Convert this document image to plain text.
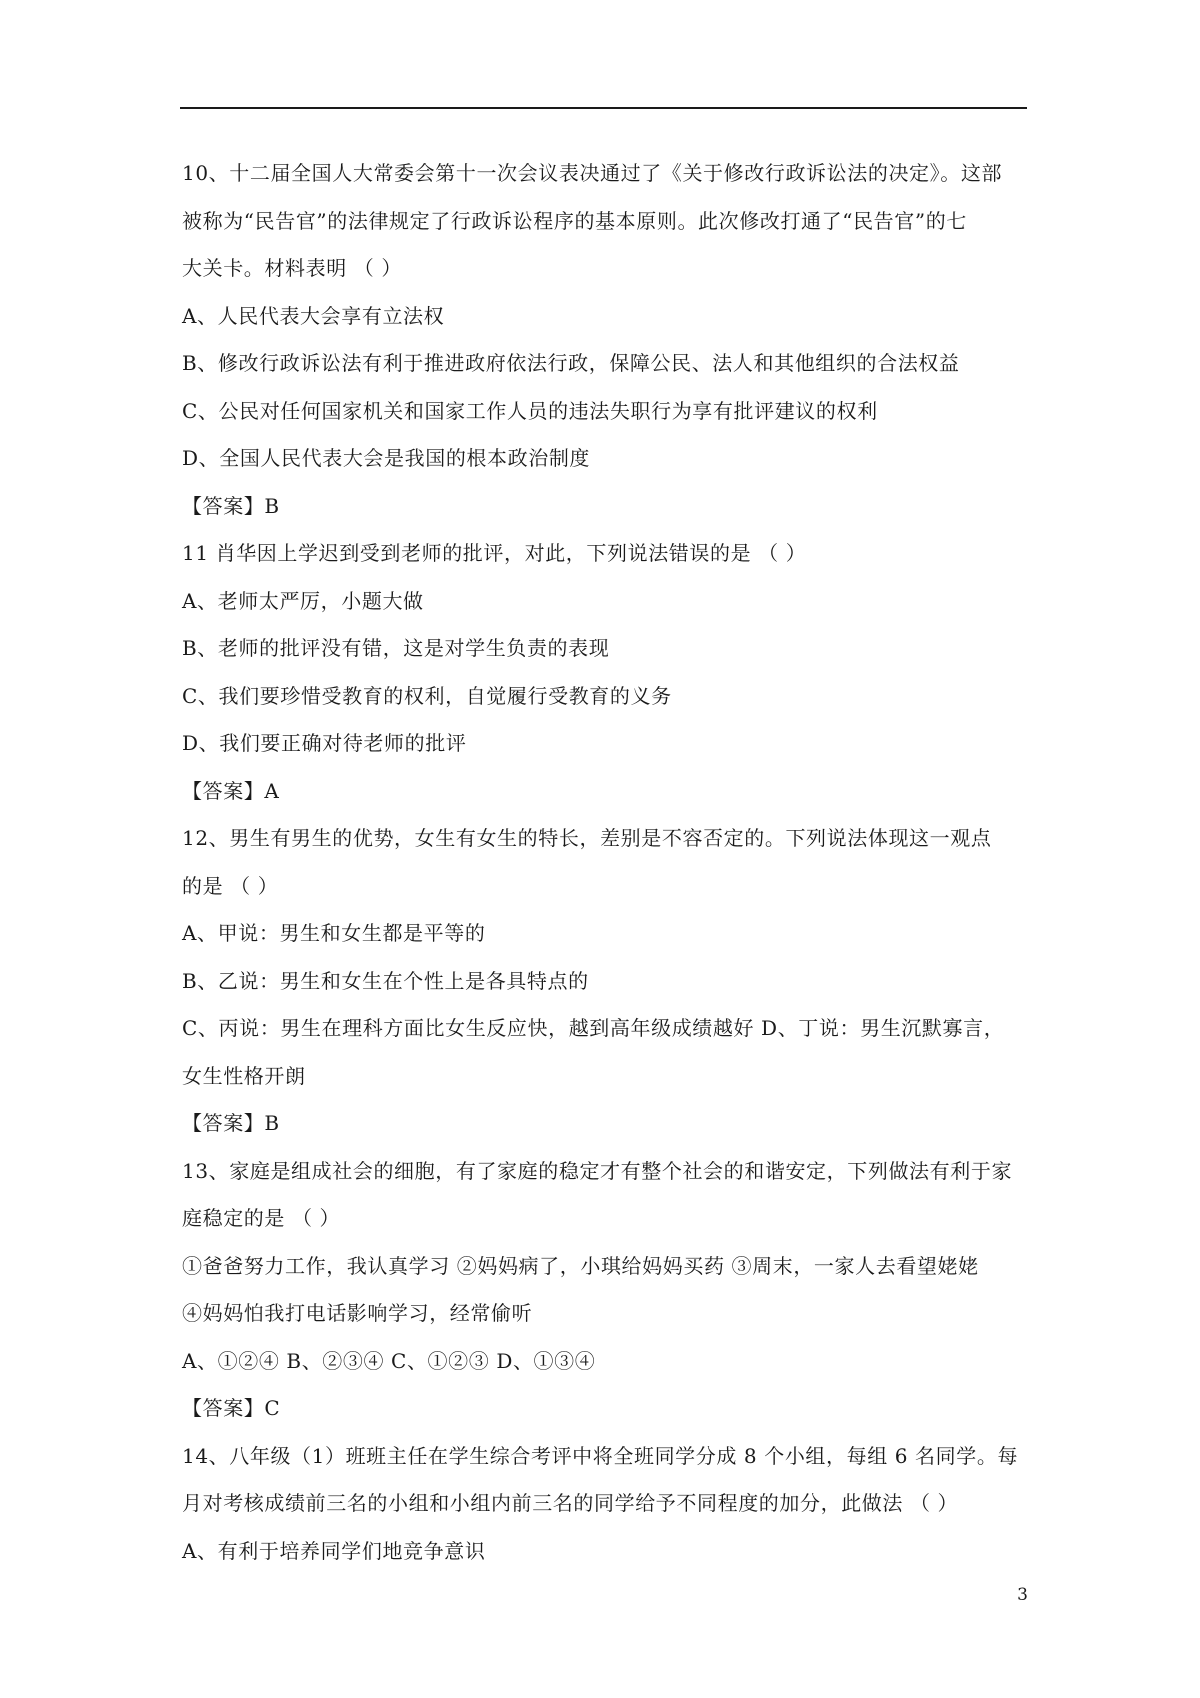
10、十二届全国人大常委会第十一次会议表决通过了《关于修改行政诉讼法的决定》。这部
被称为“民告官”的法律规定了行政诉讼程序的基本原则。此次修改打通了“民告官”的七
大关卡。材料表明 （ ）
A、人民代表大会享有立法权
B、修改行政诉讼法有利于推进政府依法行政，保障公民、法人和其他组织的合法权益
C、公民对任何国家机关和国家工作人员的违法失职行为享有批评建议的权利
D、全国人民代表大会是我国的根本政治制度
【答案】B
11 肖华因上学迟到受到老师的批评，对此，下列说法错误的是 （ ）
A、老师太严厉，小题大做
B、老师的批评没有错，这是对学生负责的表现
C、我们要珍惜受教育的权利，自觉履行受教育的义务
D、我们要正确对待老师的批评
【答案】A
12、男生有男生的优势，女生有女生的特长，差别是不容否定的。下列说法体现这一观点
的是 （ ）
A、甲说：男生和女生都是平等的
B、乙说：男生和女生在个性上是各具特点的
C、丙说：男生在理科方面比女生反应快，越到高年级成绩越好 D、丁说：男生沉默寡言，
女生性格开朗
【答案】B
13、家庭是组成社会的细胞，有了家庭的稳定才有整个社会的和谐安定，下列做法有利于家
庭稳定的是 （ ）
①爸爸努力工作，我认真学习 ②妈妈病了，小琪给妈妈买药 ③周末，一家人去看望姥姥
④妈妈怕我打电话影响学习，经常偷听
A、①②④ B、②③④ C、①②③ D、①③④
【答案】C
14、八年级（1）班班主任在学生综合考评中将全班同学分成 8 个小组，每组 6 名同学。每
月对考核成绩前三名的小组和小组内前三名的同学给予不同程度的加分，此做法 （ ）
A、有利于培养同学们地竞争意识
3
